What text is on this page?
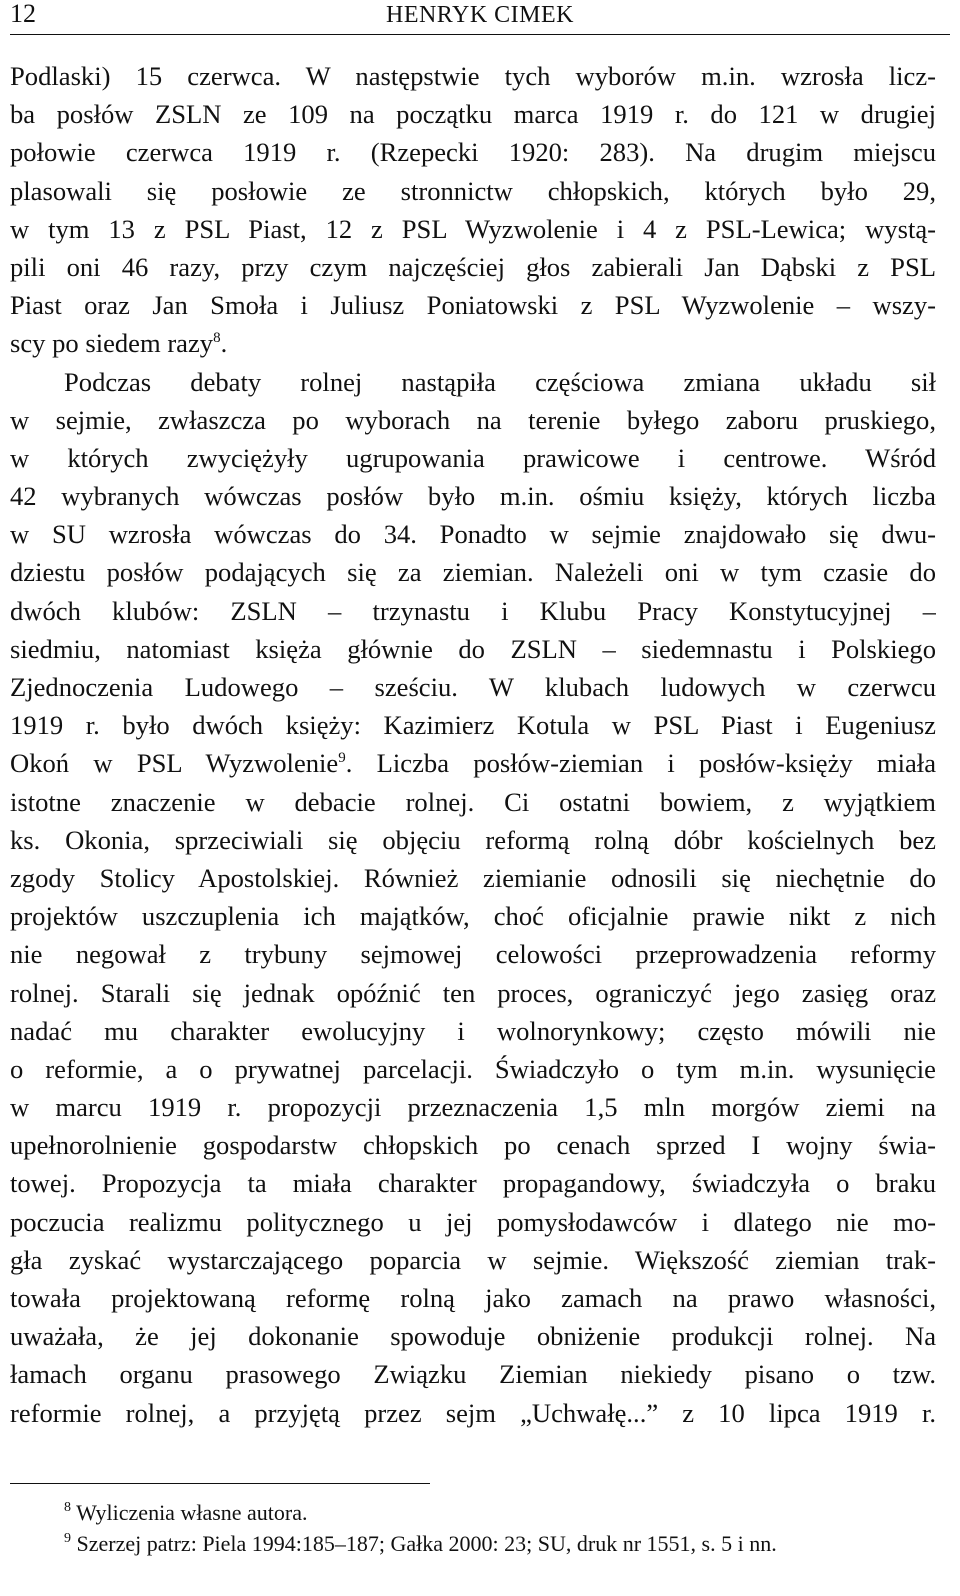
12	HENRYK CIMEK
Podlaski) 15 czerwca. W następstwie tych wyborów m.in. wzrosła licz-
ba posłów ZSLN ze 109 na początku marca 1919 r. do 121 w drugiej
połowie czerwca 1919 r. (Rzepecki 1920: 283). Na drugim miejscu
plasowali się posłowie ze stronnictw chłopskich, których było 29,
w tym 13 z PSL Piast, 12 z PSL Wyzwolenie i 4 z PSL-Lewica; wystą-
pili oni 46 razy, przy czym najczęściej głos zabierali Jan Dąbski z PSL
Piast oraz Jan Smoła i Juliusz Poniatowski z PSL Wyzwolenie – wszy-
scy po siedem razy$^8$.
Podczas debaty rolnej nastąpiła częściowa zmiana układu sił
w sejmie, zwłaszcza po wyborach na terenie byłego zaboru pruskiego,
w których zwyciężyły ugrupowania prawicowe i centrowe. Wśród
42 wybranych wówczas posłów było m.in. ośmiu księży, których liczba
w SU wzrosła wówczas do 34. Ponadto w sejmie znajdowało się dwu-
dziestu posłów podających się za ziemian. Należeli oni w tym czasie do
dwóch klubów: ZSLN – trzynastu i Klubu Pracy Konstytucyjnej –
siedmiu, natomiast księża głównie do ZSLN – siedemnastu i Polskiego
Zjednoczenia Ludowego – sześciu. W klubach ludowych w czerwcu
1919 r. było dwóch księży: Kazimierz Kotula w PSL Piast i Eugeniusz
Okoń w PSL Wyzwolenie$^9$. Liczba posłów-ziemian i posłów-księży miała
istotne znaczenie w debacie rolnej. Ci ostatni bowiem, z wyjątkiem
ks. Okonia, sprzeciwiali się objęciu reformą rolną dóbr kościelnych bez
zgody Stolicy Apostolskiej. Również ziemianie odnosili się niechętnie do
projektów uszczuplenia ich majątków, choć oficjalnie prawie nikt z nich
nie negował z trybuny sejmowej celowości przeprowadzenia reformy
rolnej. Starali się jednak opóźnić ten proces, ograniczyć jego zasięg oraz
nadać mu charakter ewolucyjny i wolnorynkowy; często mówili nie
o reformie, a o prywatnej parcelacji. Świadczyło o tym m.in. wysunięcie
w marcu 1919 r. propozycji przeznaczenia 1,5 mln morgów ziemi na
upełnorolnienie gospodarstw chłopskich po cenach sprzed I wojny świa-
towej. Propozycja ta miała charakter propagandowy, świadczyła o braku
poczucia realizmu politycznego u jej pomysłodawców i dlatego nie mo-
gła zyskać wystarczającego poparcia w sejmie. Większość ziemian trak-
towała projektowaną reformę rolną jako zamach na prawo własności,
uważała, że jej dokonanie spowoduje obniżenie produkcji rolnej. Na
łamach organu prasowego Związku Ziemian niekiedy pisano o tzw.
reformie rolnej, a przyjętą przez sejm „Uchwałę...” z 10 lipca 1919 r.
$^8$ Wyliczenia własne autora.
$^9$ Szerzej patrz: Piela 1994:185–187; Gałka 2000: 23; SU, druk nr 1551, s. 5 i nn.
